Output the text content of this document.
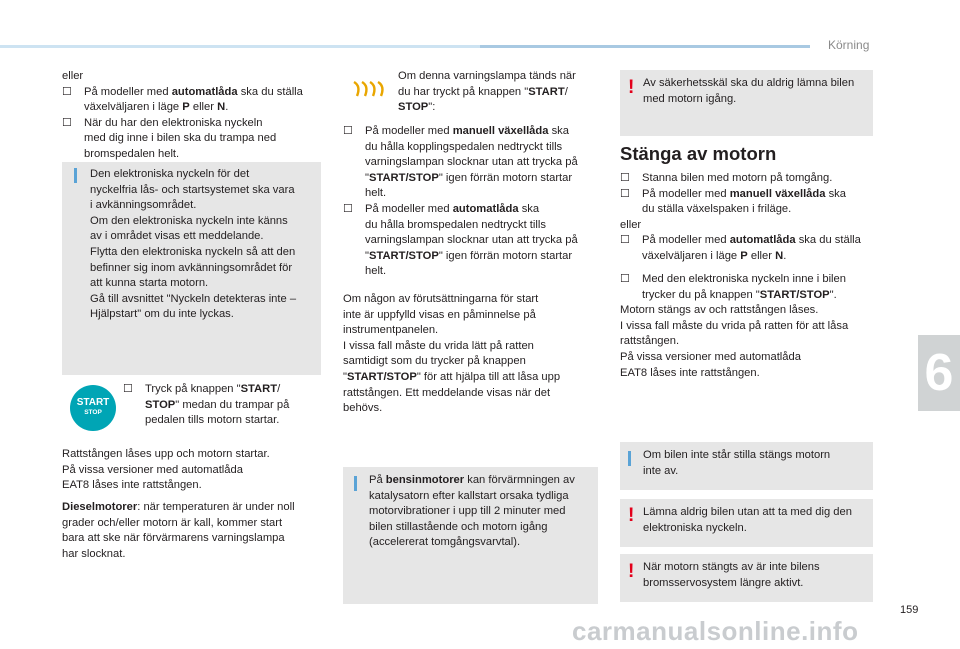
Körning
6
159
eller
☐ På modeller med automatlåda ska du ställa
växelväljaren i läge P eller N.
☐ När du har den elektroniska nyckeln
med dig inne i bilen ska du trampa ned
bromspedalen helt.
Den elektroniska nyckeln för det
nyckelfria lås- och startsystemet ska vara
i avkänningsområdet.
Om den elektroniska nyckeln inte känns
av i området visas ett meddelande.
Flytta den elektroniska nyckeln så att den
befinner sig inom avkänningsområdet för
att kunna starta motorn.
Gå till avsnittet "Nyckeln detekteras inte –
Hjälpstart" om du inte lyckas.
START
STOP
☐ Tryck på knappen "START/
STOP" medan du trampar på
pedalen tills motorn startar.
Rattstången låses upp och motorn startar.
På vissa versioner med automatlåda
EAT8 låses inte rattstången.
Dieselmotorer: när temperaturen är under noll
grader och/eller motorn är kall, kommer start
bara att ske när förvärmarens varningslampa
har slocknat.
Om denna varningslampa tänds när
du har tryckt på knappen "START/
STOP":
☐ På modeller med manuell växellåda ska
du hålla kopplingspedalen nedtryckt tills
varningslampan slocknar utan att trycka på
"START/STOP" igen förrän motorn startar
helt.
☐ På modeller med automatlåda ska
du hålla bromspedalen nedtryckt tills
varningslampan slocknar utan att trycka på
"START/STOP" igen förrän motorn startar
helt.
Om någon av förutsättningarna för start
inte är uppfylld visas en påminnelse på
instrumentpanelen.
I vissa fall måste du vrida lätt på ratten
samtidigt som du trycker på knappen
"START/STOP" för att hjälpa till att låsa upp
rattstången. Ett meddelande visas när det
behövs.
På bensinmotorer kan förvärmningen av
katalysatorn efter kallstart orsaka tydliga
motorvibrationer i upp till 2 minuter med
bilen stillastående och motorn igång
(accelererat tomgångsvarvtal).
! Av säkerhetsskäl ska du aldrig lämna bilen
med motorn igång.
Stänga av motorn
☐ Stanna bilen med motorn på tomgång.
☐ På modeller med manuell växellåda ska
du ställa växelspaken i friläge.
eller
☐ På modeller med automatlåda ska du ställa
växelväljaren i läge P eller N.
☐ Med den elektroniska nyckeln inne i bilen
trycker du på knappen "START/STOP".
Motorn stängs av och rattstången låses.
I vissa fall måste du vrida på ratten för att låsa
rattstången.
På vissa versioner med automatlåda
EAT8 låses inte rattstången.
Om bilen inte står stilla stängs motorn
inte av.
! Lämna aldrig bilen utan att ta med dig den
elektroniska nyckeln.
! När motorn stängts av är inte bilens
bromsservosystem längre aktivt.
carmanualsonline.info
